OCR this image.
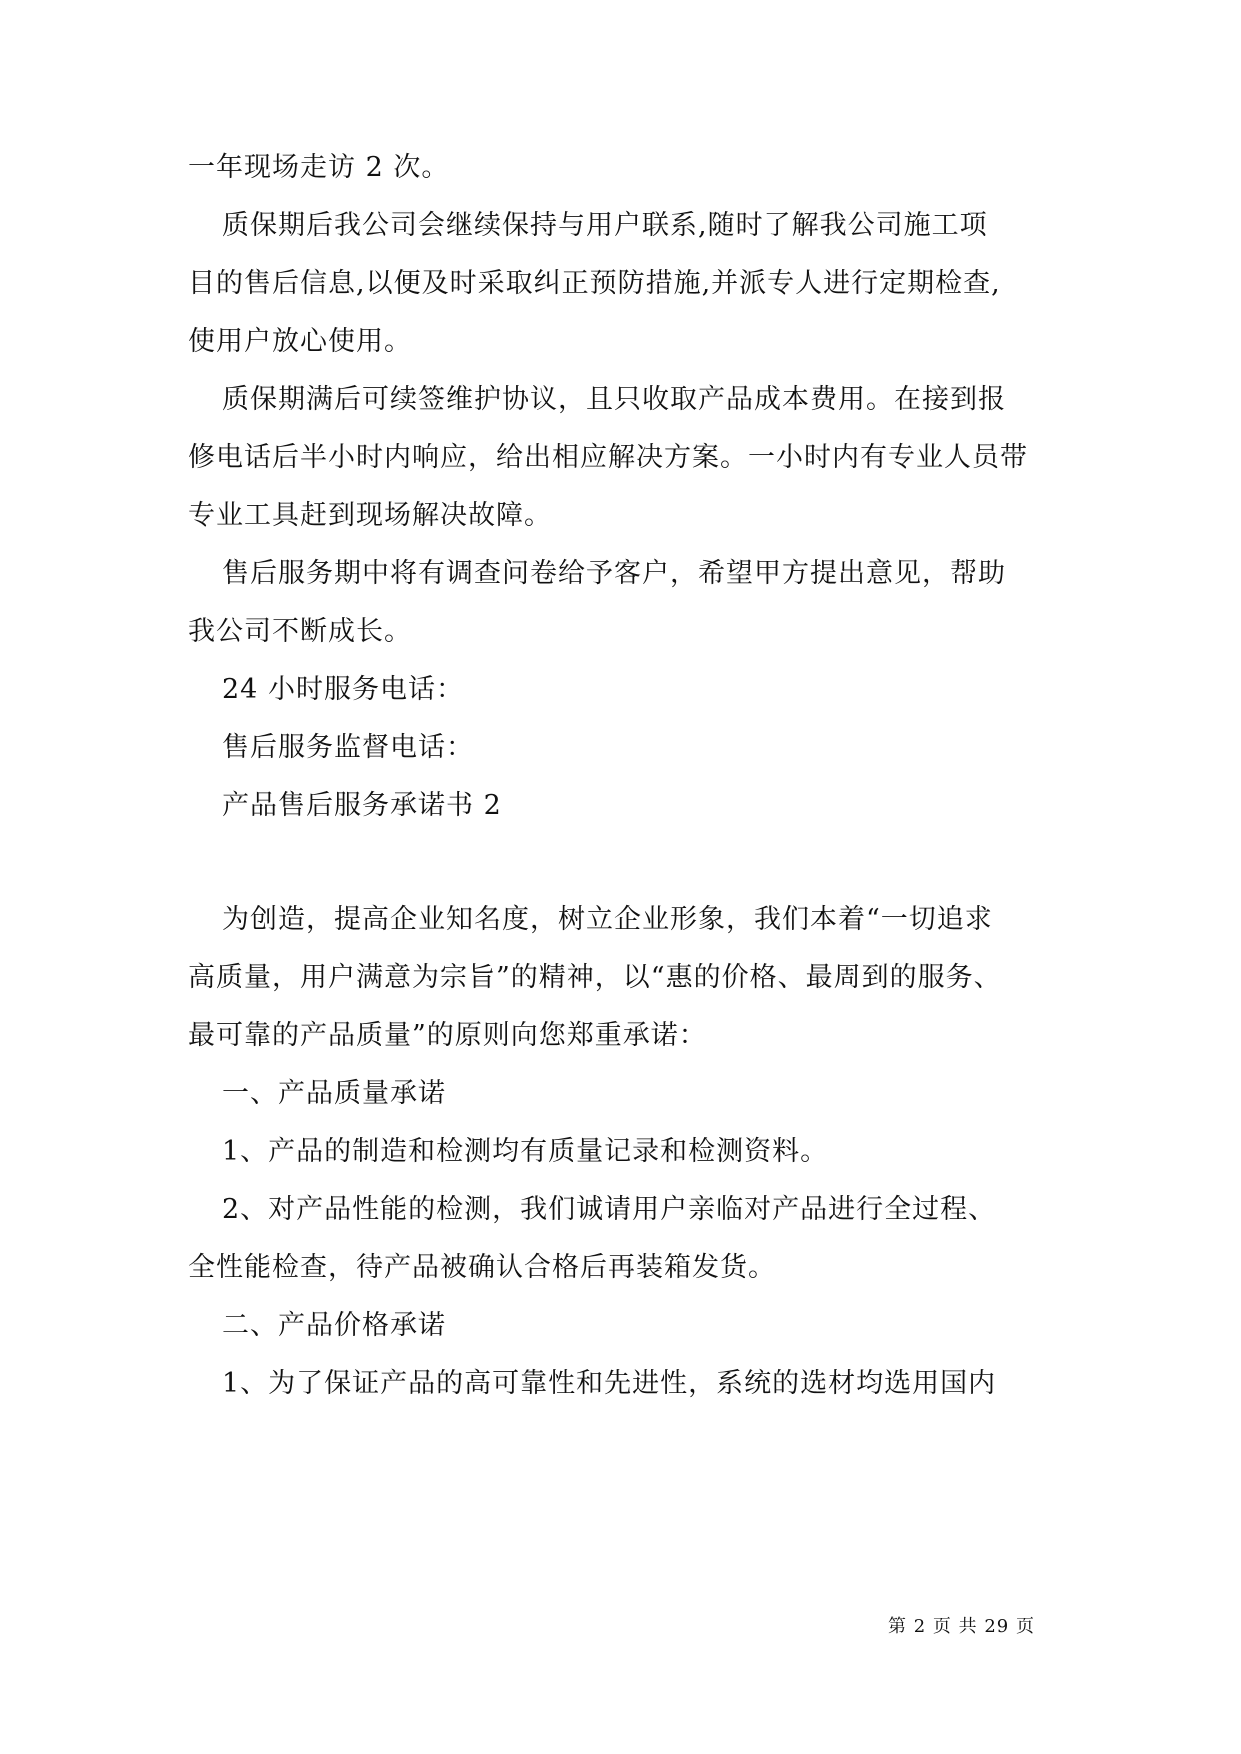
一年现场走访 2 次。

质保期后我公司会继续保持与用户联系,随时了解我公司施工项

目的售后信息,以便及时采取纠正预防措施,并派专人进行定期检查,

使用户放心使用。

质保期满后可续签维护协议，且只收取产品成本费用。在接到报

修电话后半小时内响应，给出相应解决方案。一小时内有专业人员带

专业工具赶到现场解决故障。

售后服务期中将有调查问卷给予客户，希望甲方提出意见，帮助

我公司不断成长。

24 小时服务电话：

售后服务监督电话：

产品售后服务承诺书 2

为创造，提高企业知名度，树立企业形象，我们本着“一切追求

高质量，用户满意为宗旨”的精神，以“惠的价格、最周到的服务、

最可靠的产品质量”的原则向您郑重承诺：

一、产品质量承诺

1、产品的制造和检测均有质量记录和检测资料。

2、对产品性能的检测，我们诚请用户亲临对产品进行全过程、

全性能检查，待产品被确认合格后再装箱发货。

二、产品价格承诺

1、为了保证产品的高可靠性和先进性，系统的选材均选用国内

第 2 页 共 29 页
